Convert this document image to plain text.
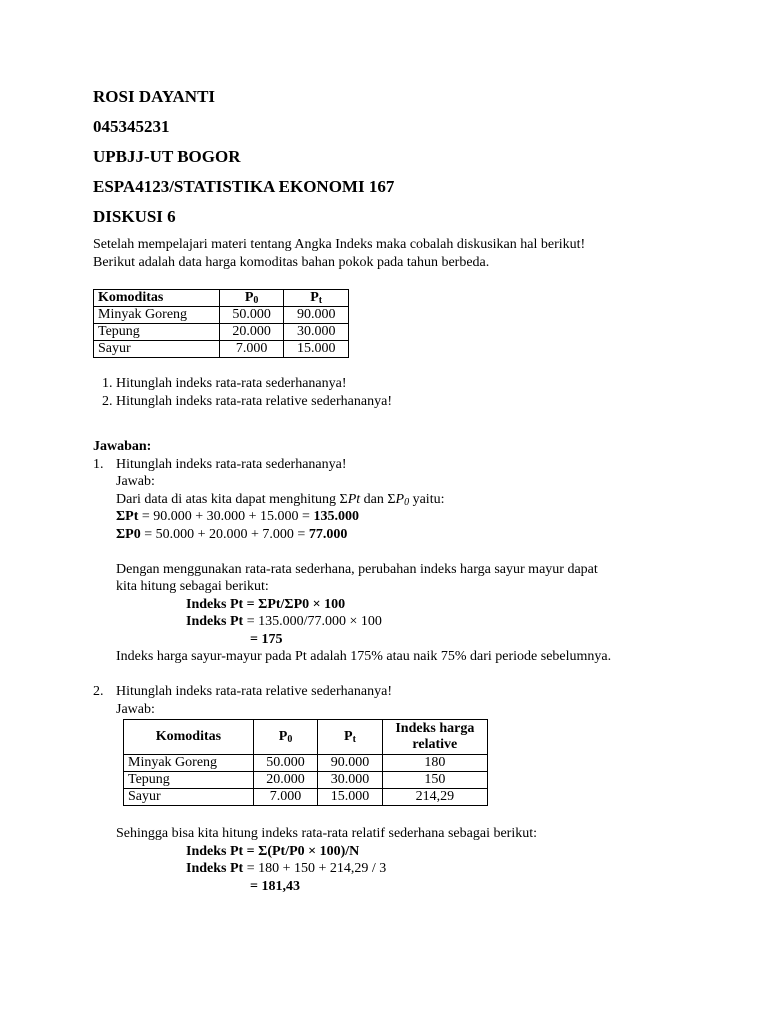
ROSI DAYANTI
045345231
UPBJJ-UT BOGOR
ESPA4123/STATISTIKA EKONOMI 167
DISKUSI 6

Setelah mempelajari materi tentang Angka Indeks maka cobalah diskusikan hal berikut!

Berikut adalah data harga komoditas bahan pokok pada tahun berbeda.

Komoditas	$P_0$	$P_t$
Minyak Goreng	50.000	90.000
Tepung	20.000	30.000
Sayur	7.000	15.000
1. Hitunglah indeks rata-rata sederhananya!
2. Hitunglah indeks rata-rata relative sederhananya!

Jawaban:

1. Hitunglah indeks rata-rata sederhananya!

Jawab:

Dari data di atas kita dapat menghitung ΣPt dan $\Sigma P_0$ yaitu:

ΣPt = 90.000 + 30.000 + 15.000 = 135.000

ΣP0 = 50.000 + 20.000 + 7.000 = 77.000

Dengan menggunakan rata-rata sederhana, perubahan indeks harga sayur mayur dapat

kita hitung sebagai berikut:

Indeks Pt = ΣPt/ΣP0 × 100

Indeks Pt = 135.000/77.000 × 100

= 175

Indeks harga sayur-mayur pada Pt adalah 175% atau naik 75% dari periode sebelumnya.

2. Hitunglah indeks rata-rata relative sederhananya!

Jawab:

Komoditas	$P_0$	$P_t$	Indeks harga
relative
Minyak Goreng	50.000	90.000	180
Tepung	20.000	30.000	150
Sayur	7.000	15.000	214,29

Sehingga bisa kita hitung indeks rata-rata relatif sederhana sebagai berikut:

Indeks Pt = Σ(Pt/P0 × 100)/N

Indeks Pt = 180 + 150 + 214,29 / 3

= 181,43
